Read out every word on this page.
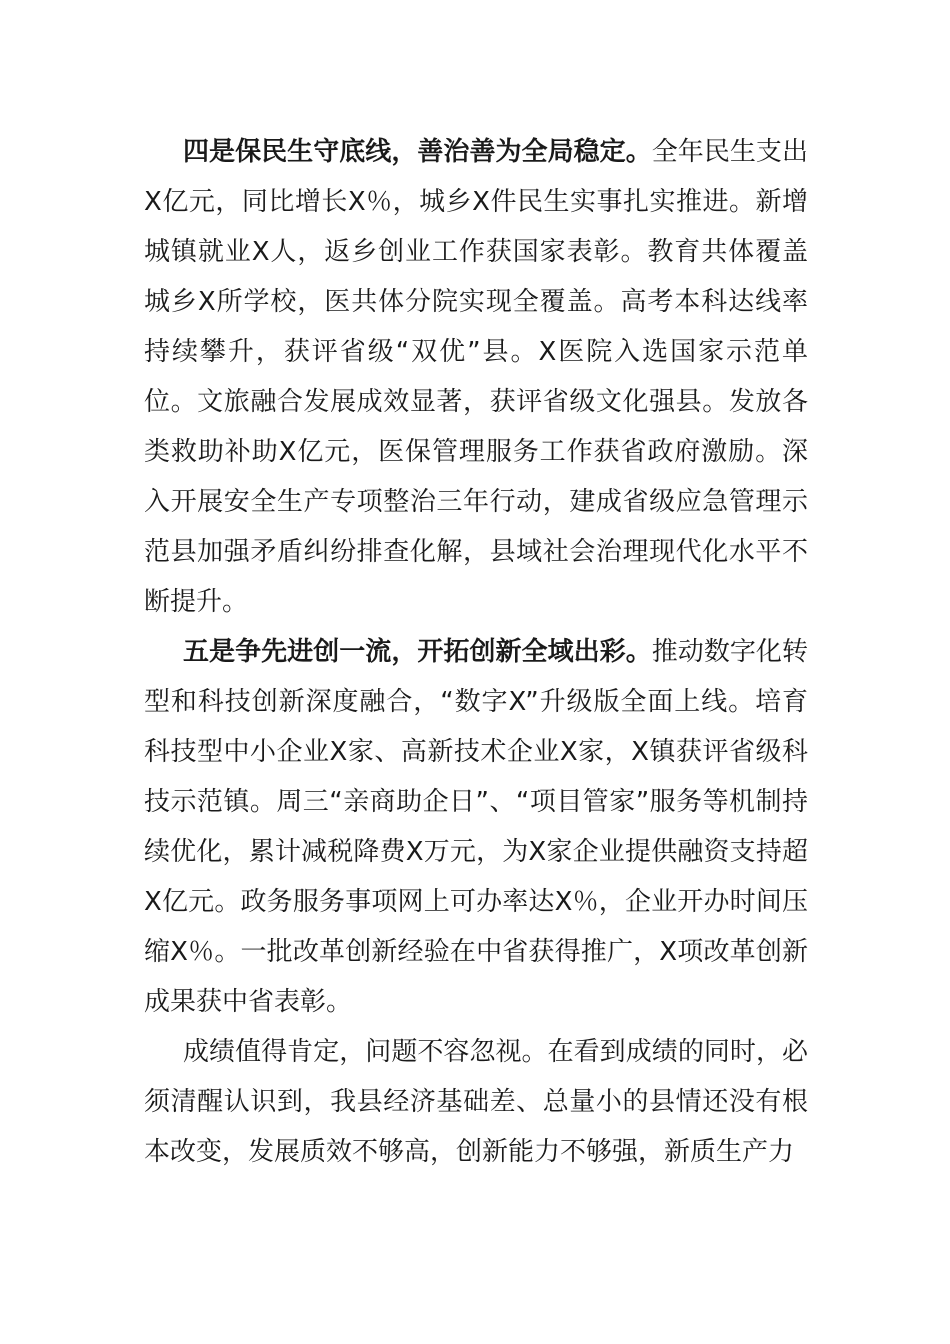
四是保民生守底线，善治善为全局稳定。全年民生支出X亿元，同比增长X％，城乡X件民生实事扎实推进。新增城镇就业X人，返乡创业工作获国家表彰。教育共体覆盖城乡X所学校，医共体分院实现全覆盖。高考本科达线率持续攀升，获评省级“双优”县。X医院入选国家示范单位。文旅融合发展成效显著，获评省级文化强县。发放各类救助补助X亿元，医保管理服务工作获省政府激励。深入开展安全生产专项整治三年行动，建成省级应急管理示范县加强矛盾纠纷排查化解，县域社会治理现代化水平不断提升。

五是争先进创一流，开拓创新全域出彩。推动数字化转型和科技创新深度融合，“数字X”升级版全面上线。培育科技型中小企业X家、高新技术企业X家，X镇获评省级科技示范镇。周三“亲商助企日”、“项目管家”服务等机制持续优化，累计减税降费X万元，为X家企业提供融资支持超X亿元。政务服务事项网上可办率达X％，企业开办时间压缩X％。一批改革创新经验在中省获得推广，X项改革创新成果获中省表彰。

成绩值得肯定，问题不容忽视。在看到成绩的同时，必须清醒认识到，我县经济基础差、总量小的县情还没有根本改变，发展质效不够高，创新能力不够强，新质生产力
